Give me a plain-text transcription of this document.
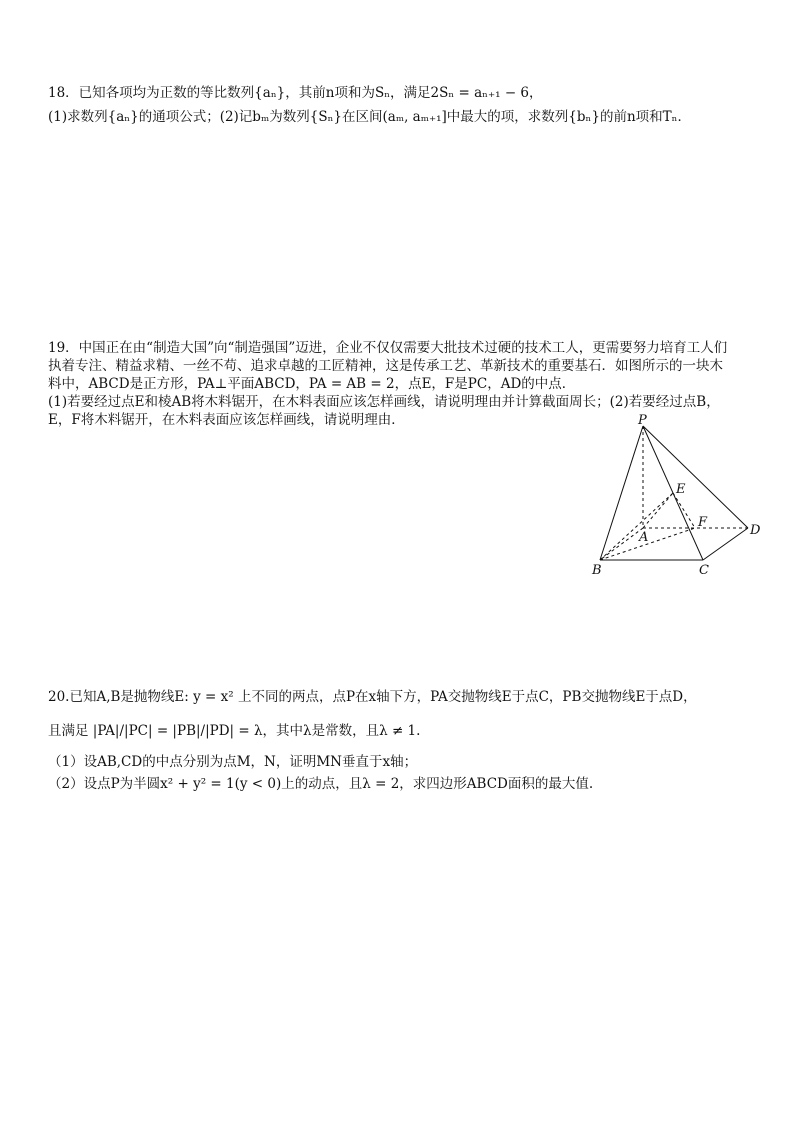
18．已知各项均为正数的等比数列{aₙ}，其前n项和为Sₙ，满足2Sₙ = aₙ₊₁ − 6，
(1)求数列{aₙ}的通项公式；(2)记bₘ为数列{Sₙ}在区间(aₘ, aₘ₊₁]中最大的项，求数列{bₙ}的前n项和Tₙ．
19．中国正在由“制造大国”向“制造强国”迈进，企业不仅仅需要大批技术过硬的技术工人，更需要努力培育工人们
执着专注、精益求精、一丝不苟、追求卓越的工匠精神，这是传承工艺、革新技术的重要基石．如图所示的一块木
料中，ABCD是正方形，PA⊥平面ABCD，PA = AB = 2，点E，F是PC，AD的中点．
(1)若要经过点E和棱AB将木料锯开，在木料表面应该怎样画线，请说明理由并计算截面周长；(2)若要经过点B，
E，F将木料锯开，在木料表面应该怎样画线，请说明理由．	P
E
F
A
B	C
D
20.已知A,B是抛物线E: y = x² 上不同的两点，点P在x轴下方，PA交抛物线E于点C，PB交抛物线E于点D，
且满足 |PA|/|PC| = |PB|/|PD| = λ，其中λ是常数，且λ ≠ 1.
（1）设AB,CD的中点分别为点M，N，证明MN垂直于x轴；
（2）设点P为半圆x² + y² = 1(y < 0)上的动点，且λ = 2，求四边形ABCD面积的最大值.
